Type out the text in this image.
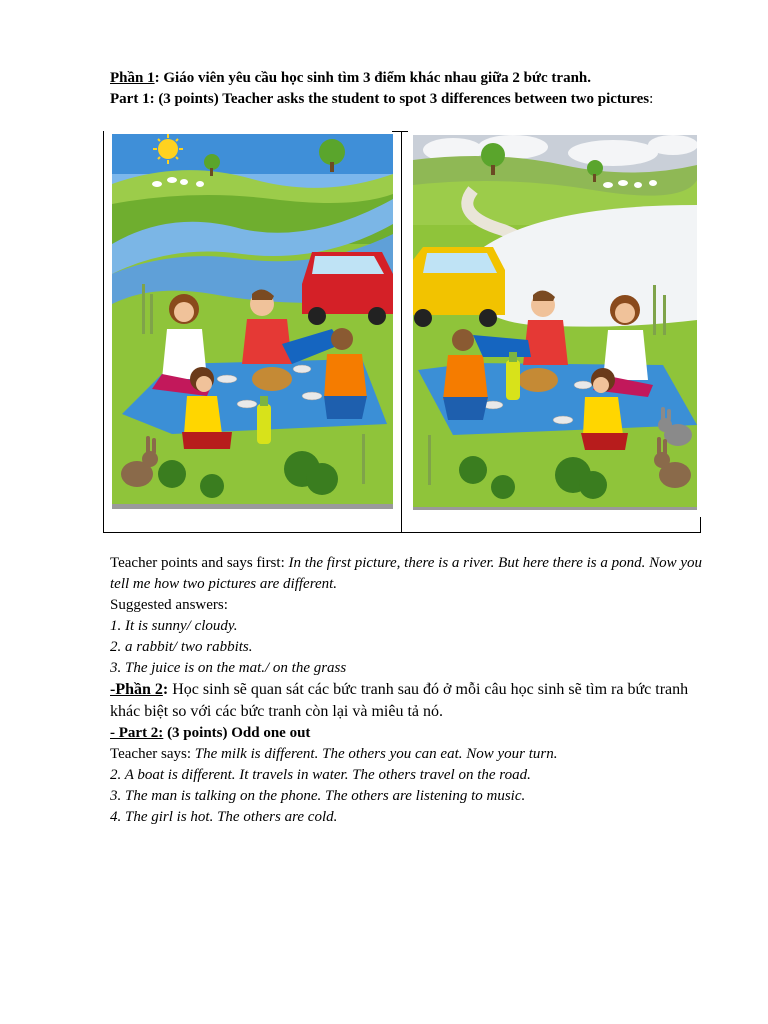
Phần 1: Giáo viên yêu cầu học sinh tìm 3 điểm khác nhau giữa 2 bức tranh.
Part 1: (3 points) Teacher asks the student to spot 3 differences between two pictures:

Teacher points and says first: In the first picture, there is a river. But here there is a pond. Now you tell me how two pictures are different.

Suggested answers:

1. It is sunny/ cloudy.

2. a rabbit/ two rabbits.

3. The juice is on the mat./ on the grass

-Phần 2: Học sinh sẽ quan sát các bức tranh sau đó ở mỗi câu học sinh sẽ tìm ra bức tranh khác biệt so với các bức tranh còn lại và miêu tả nó.

- Part 2: (3 points) Odd one out

Teacher says: The milk is different. The others you can eat. Now your turn.

2. A boat is different. It travels in water. The others travel on the road.

3. The man is talking on the phone. The others are listening to music.

4. The girl is hot. The others are cold.
